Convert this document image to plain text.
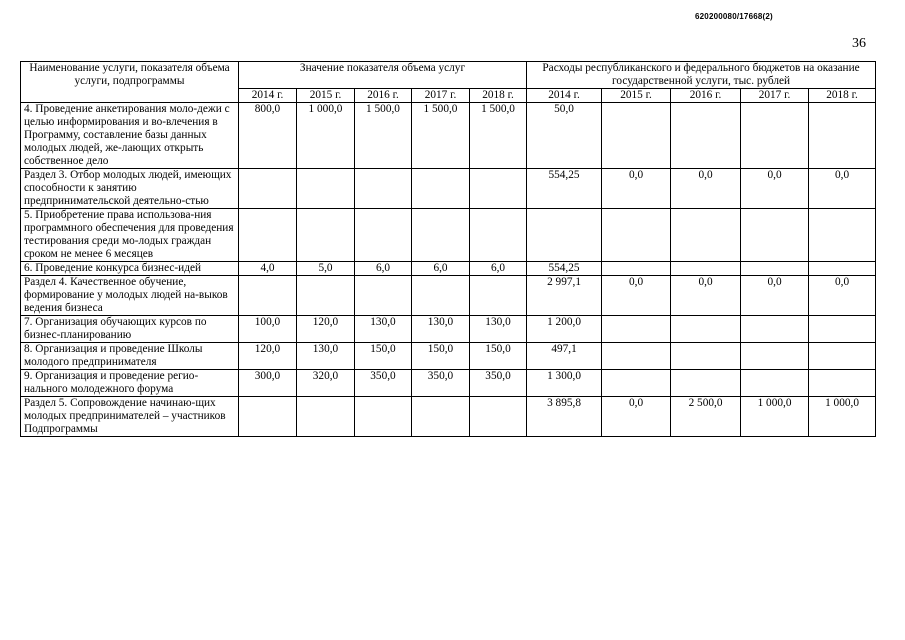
620200080/17668(2)
36
Наименование услуги, показателя объема услуги, подпрограммы	Значение показателя объема услуг					Расходы республиканского и федерального бюджетов на оказание государственной услуги, тыс. рублей				
	2014 г.	2015 г.	2016 г.	2017 г.	2018 г.	2014 г.	2015 г.	2016 г.	2017 г.	2018 г.
4. Проведение анкетирования моло-дежи с целью информирования и во-влечения в Программу, составление базы данных молодых людей, же-лающих открыть собственное дело	800,0	1 000,0	1 500,0	1 500,0	1 500,0	50,0				
Раздел 3. Отбор молодых людей, имеющих способности к занятию предпринимательской деятельно-стью						554,25	0,0	0,0	0,0	0,0
5. Приобретение права использова-ния программного обеспечения для проведения тестирования среди мо-лодых граждан сроком не менее 6 месяцев										
6. Проведение конкурса бизнес-идей	4,0	5,0	6,0	6,0	6,0	554,25				
Раздел 4. Качественное обучение, формирование у молодых людей на-выков ведения бизнеса						2 997,1	0,0	0,0	0,0	0,0
7. Организация обучающих курсов по бизнес-планированию	100,0	120,0	130,0	130,0	130,0	1 200,0				
8. Организация и проведение Школы молодого предпринимателя	120,0	130,0	150,0	150,0	150,0	497,1				
9. Организация и проведение регио-нального молодежного форума	300,0	320,0	350,0	350,0	350,0	1 300,0				
Раздел 5. Сопровождение начинаю-щих молодых предпринимателей – участников Подпрограммы						3 895,8	0,0	2 500,0	1 000,0	1 000,0
